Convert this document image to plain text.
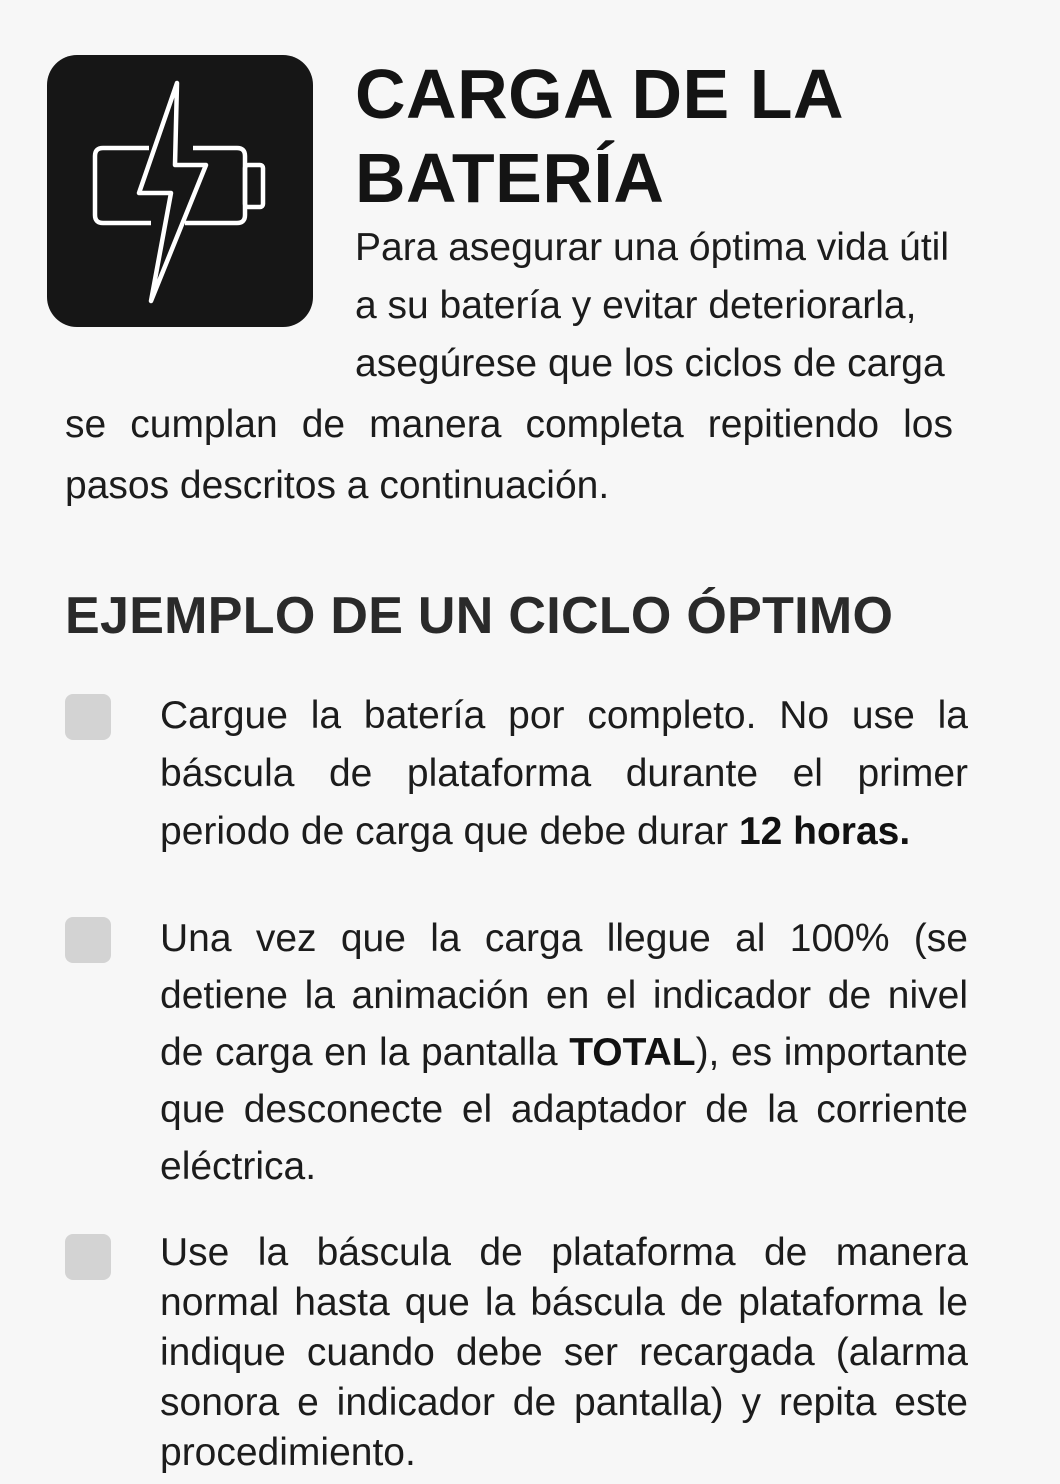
CARGA DE LA
BATERÍA

Para asegurar una óptima vida útil

a su batería y evitar deteriorarla,

asegúrese que los ciclos de carga

se cumplan de manera completa repitiendo los

pasos descritos a continuación.

EJEMPLO DE UN CICLO ÓPTIMO

Cargue la batería por completo. No use la báscula de plataforma durante el primer periodo de carga que debe durar 12 horas.

Una vez que la carga llegue al 100% (se detiene la animación en el indicador de nivel de carga en la pantalla TOTAL), es importante que desconecte el adaptador de la corriente eléctrica.

Use la báscula de plataforma de manera normal hasta que la báscula de plataforma le indique cuando debe ser recargada (alarma sonora e indicador de pantalla) y repita este procedimiento.
